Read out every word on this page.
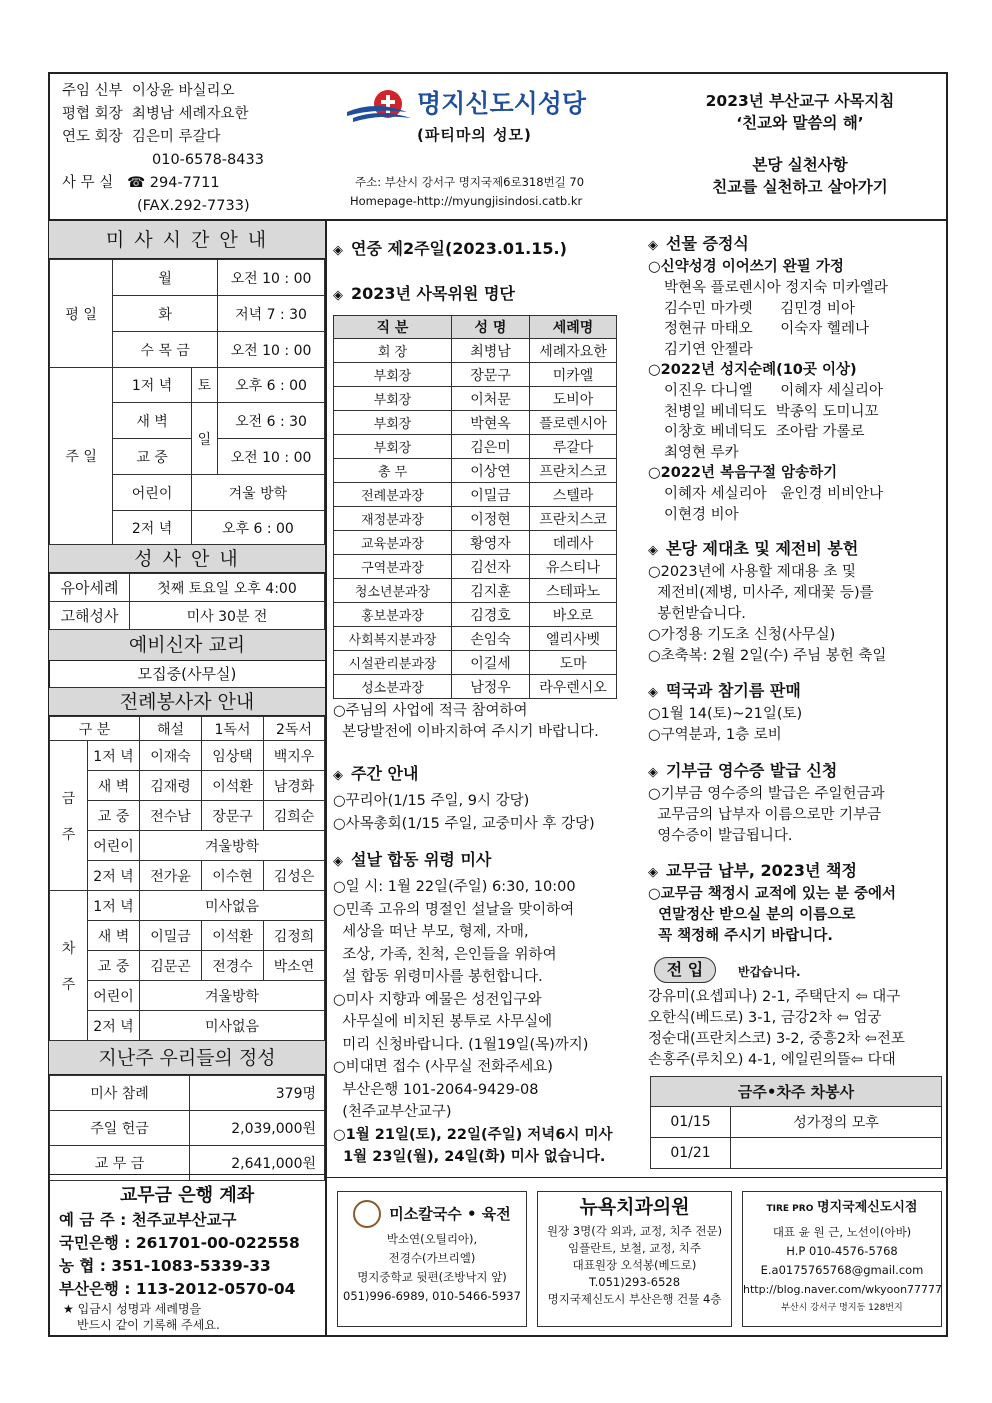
주임 신부 이상윤 바실리오
평협 회장 최병남 세례자요한
연도 회장 김은미 루갈다
010-6578-8433
사 무 실 ☎ 294-7711
(FAX.292-7733)
명지신도시성당
(파티마의 성모)
주소: 부산시 강서구 명지국제6로318번길 70
Homepage-http://myungjisindosi.catb.kr
2023년 부산교구 사목지침
‘친교와 말씀의 해’
본당 실천사항
친교를 실천하고 살아가기
미 사 시 간 안 내
평 일	월		오전 10 : 00
	화		저녁 7 : 30
	수 목 금		오전 10 : 00
주 일	1저 녁	토	오후 6 : 00
	새 벽	일	오전 6 : 30
	교 중		오전 10 : 00
	어린이	겨울 방학	
	2저 녁	오후 6 : 00	
성 사 안 내
유아세례	첫째 토요일 오후 4:00
고해성사	미사 30분 전
예비신자 교리
모집중(사무실)
전례봉사자 안내
구 분		해설	1독서	2독서
금

주	1저 녁	이재숙	임상택	백지우
	새 벽	김재령	이석환	남경화
	교 중	전수남	장문구	김희순
	어린이	겨울방학		
	2저 녁	전가윤	이수현	김성은
차

주	1저 녁	미사없음		
	새 벽	이밀금	이석환	김정희
	교 중	김문곤	전경수	박소연
	어린이	겨울방학		
	2저 녁	미사없음		
지난주 우리들의 정성
미사 참례	379명
주일 헌금	2,039,000원
교 무 금	2,641,000원
교무금 은행 계좌
예 금 주 : 천주교부산교구
국민은행 : 261701-00-022558
농 협 : 351-1083-5339-33
부산은행 : 113-2012-0570-04
★ 입금시 성명과 세례명을
반드시 같이 기록해 주세요.
◈ 연중 제2주일(2023.01.15.)
◈ 2023년 사목위원 명단
직 분	성 명	세례명
회 장	최병남	세례자요한
부회장	장문구	미카엘
부회장	이처문	도비아
부회장	박현옥	플로렌시아
부회장	김은미	루갈다
총 무	이상연	프란치스코
전례분과장	이밀금	스텔라
재정분과장	이정현	프란치스코
교육분과장	황영자	데레사
구역분과장	김선자	유스티나
청소년분과장	김지훈	스테파노
홍보분과장	김경호	바오로
사회복지분과장	손임숙	엘리사벳
시설관리분과장	이길세	도마
성소분과장	남정우	라우렌시오
○주님의 사업에 적극 참여하여
본당발전에 이바지하여 주시기 바랍니다.
◈ 주간 안내
○꾸리아(1/15 주일, 9시 강당)
○사목총회(1/15 주일, 교중미사 후 강당)
◈ 설날 합동 위령 미사
○일 시: 1월 22일(주일) 6:30, 10:00
○민족 고유의 명절인 설날을 맞이하여
세상을 떠난 부모, 형제, 자매,
조상, 가족, 친척, 은인들을 위하여
설 합동 위령미사를 봉헌합니다.
○미사 지향과 예물은 성전입구와
사무실에 비치된 봉투로 사무실에
미리 신청바랍니다. (1월19일(목)까지)
○비대면 접수 (사무실 전화주세요)
부산은행 101-2064-9429-08
(천주교부산교구)
○1월 21일(토), 22일(주일) 저녁6시 미사
1월 23일(월), 24일(화) 미사 없습니다.
◈ 선물 증정식
○신약성경 이어쓰기 완필 가정
박현옥 플로렌시아 정지숙 미카엘라
김수민 마가렛      김민경 비아
정현규 마태오      이숙자 헬레나
김기연 안젤라
○2022년 성지순례(10곳 이상)
이진우 다니엘      이혜자 세실리아
천병일 베네딕도  박종익 도미니꼬
이창호 베네딕도  조아람 가롤로
최영현 루카
○2022년 복음구절 암송하기
이혜자 세실리아   윤인경 비비안나
이현경 비아
◈ 본당 제대초 및 제전비 봉헌
○2023년에 사용할 제대용 초 및
제전비(제병, 미사주, 제대꽃 등)를
봉헌받습니다.
○가정용 기도초 신청(사무실)
○초축복: 2월 2일(수) 주님 봉헌 축일
◈ 떡국과 참기름 판매
○1월 14(토)~21일(토)
○구역분과, 1층 로비
◈ 기부금 영수증 발급 신청
○기부금 영수증의 발급은 주일헌금과
교무금의 납부자 이름으로만 기부금
영수증이 발급됩니다.
◈ 교무금 납부, 2023년 책정
○교무금 책정시 교적에 있는 분 중에서
연말정산 받으실 분의 이름으로
꼭 책정해 주시기 바랍니다.
전 입	반갑습니다.
강유미(요셉피나) 2-1, 주택단지 ⇦ 대구
오한식(베드로) 3-1, 금강2차 ⇦ 엄궁
정순대(프란치스코) 3-2, 중흥2차 ⇦전포
손홍주(루치오) 4-1, 에일린의뜰⇦ 다대
금주•차주 차봉사	
01/15	성가정의 모후
01/21	
미소칼국수 • 육전
박소연(오틸리아),
전경수(가브리엘)
명지중학교 뒷편(조방낙지 앞)
051)996-6989, 010-5466-5937
뉴욕치과의원
원장 3명(각 외과, 교정, 치주 전문)
임플란트, 보철, 교정, 치주
대표원장 오석봉(베드로)
T.051)293-6528
명지국제신도시 부산은행 건물 4층
TIRE PRO 명지국제신도시점
대표 윤 원 근, 노선이(아바)
H.P 010-4576-5768
E.a0175765768@gmail.com
http://blog.naver.com/wkyoon77777
부산시 강서구 명지동 128번지
